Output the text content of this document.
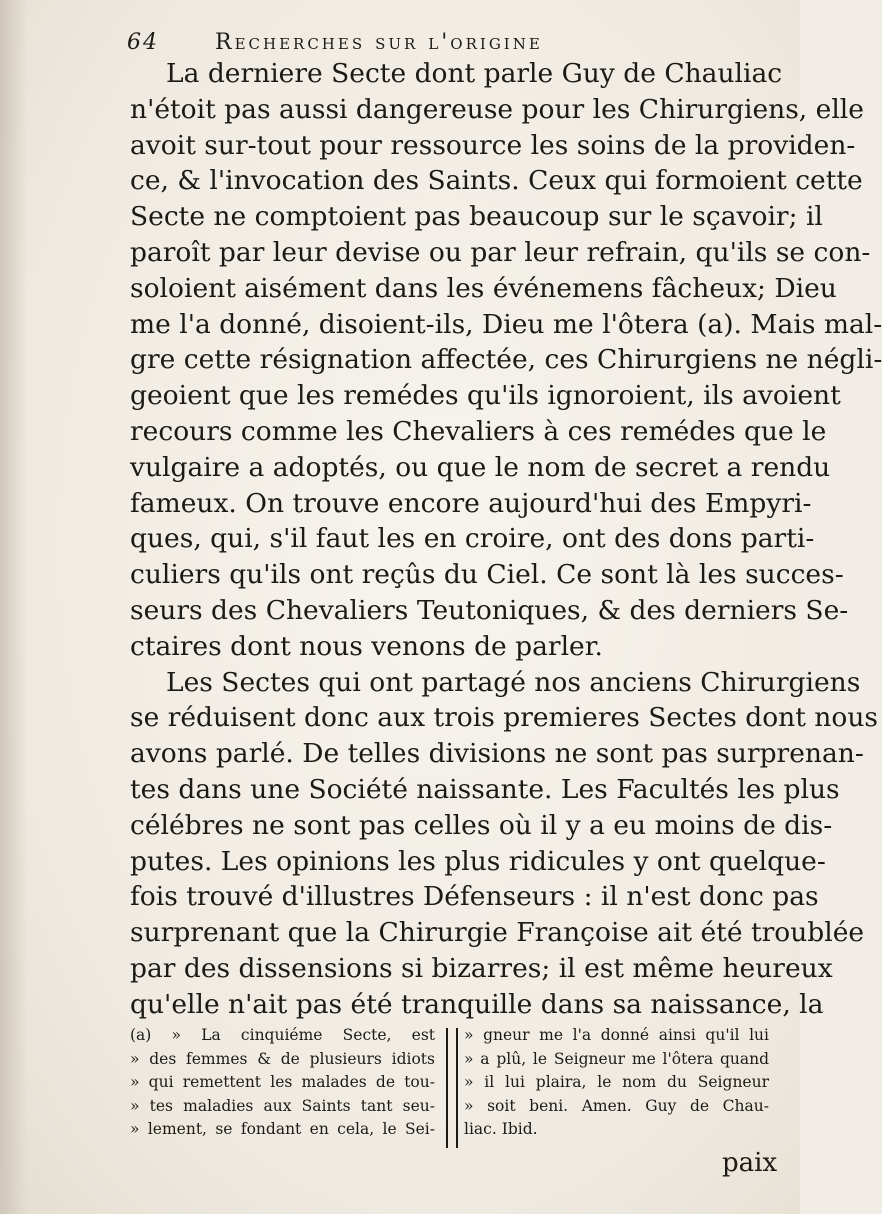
64	Recherches sur l'origine
La derniere Secte dont parle Guy de Chauliac
n'étoit pas aussi dangereuse pour les Chirurgiens, elle
avoit sur-tout pour ressource les soins de la providen-
ce, & l'invocation des Saints. Ceux qui formoient cette
Secte ne comptoient pas beaucoup sur le sçavoir; il
paroît par leur devise ou par leur refrain, qu'ils se con-
soloient aisément dans les événemens fâcheux; Dieu
me l'a donné, disoient-ils, Dieu me l'ôtera (a). Mais mal-
gre cette résignation affectée, ces Chirurgiens ne négli-
geoient que les remédes qu'ils ignoroient, ils avoient
recours comme les Chevaliers à ces remédes que le
vulgaire a adoptés, ou que le nom de secret a rendu
fameux. On trouve encore aujourd'hui des Empyri-
ques, qui, s'il faut les en croire, ont des dons parti-
culiers qu'ils ont reçûs du Ciel. Ce sont là les succes-
seurs des Chevaliers Teutoniques, & des derniers Se-
ctaires dont nous venons de parler.
Les Sectes qui ont partagé nos anciens Chirurgiens
se réduisent donc aux trois premieres Sectes dont nous
avons parlé. De telles divisions ne sont pas surprenan-
tes dans une Société naissante. Les Facultés les plus
célébres ne sont pas celles où il y a eu moins de dis-
putes. Les opinions les plus ridicules y ont quelque-
fois trouvé d'illustres Défenseurs : il n'est donc pas
surprenant que la Chirurgie Françoise ait été troublée
par des dissensions si bizarres; il est même heureux
qu'elle n'ait pas été tranquille dans sa naissance, la
(a) » La cinquiéme Secte, est
» des femmes & de plusieurs idiots
» qui remettent les malades de tou-
» tes maladies aux Saints tant seu-
» lement, se fondant en cela, le Sei-
» gneur me l'a donné ainsi qu'il lui
» a plû, le Seigneur me l'ôtera quand
» il lui plaira, le nom du Seigneur
» soit beni. Amen. Guy de Chau-
liac. Ibid.
paix
